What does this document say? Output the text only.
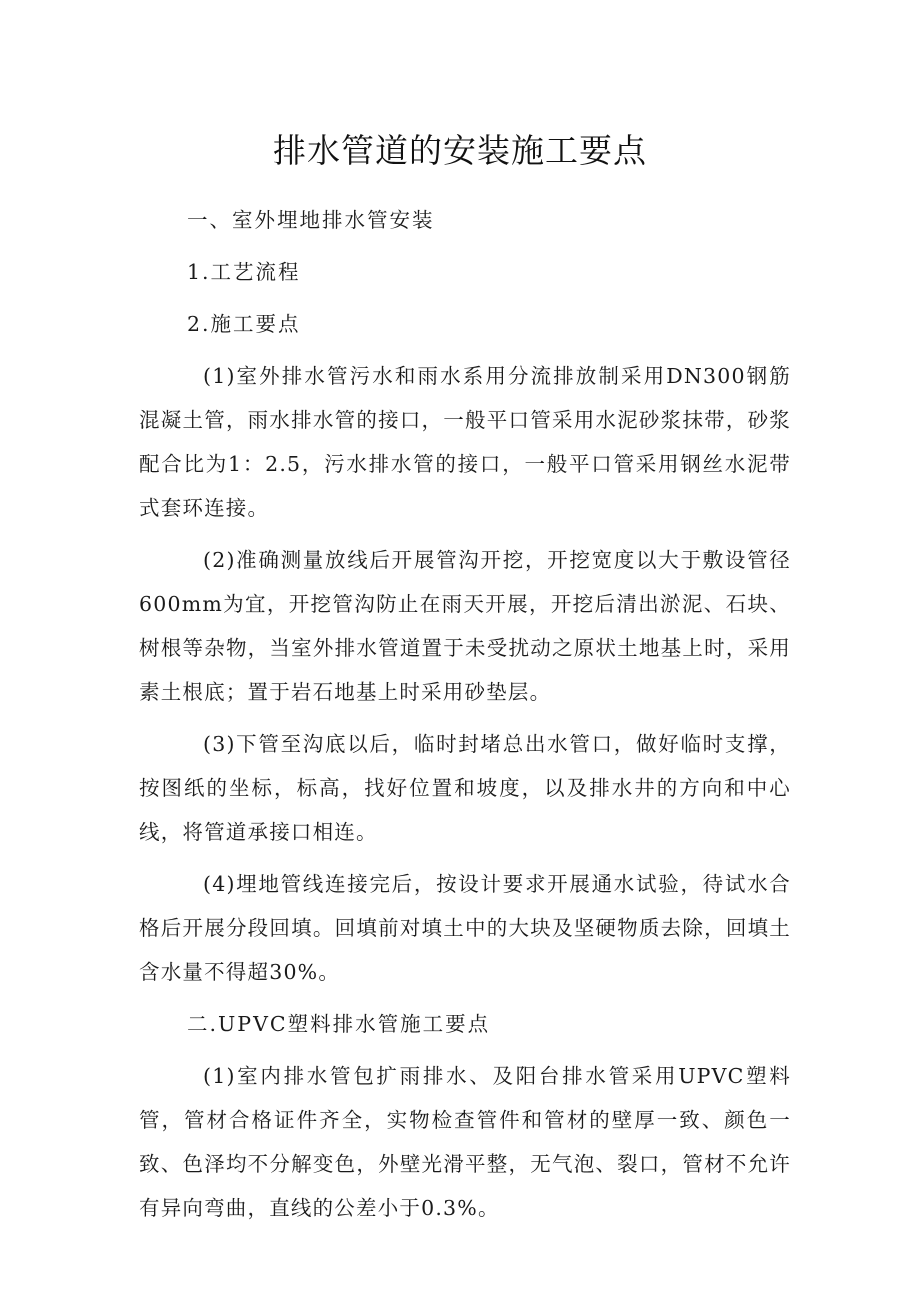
排水管道的安装施工要点

一、室外埋地排水管安装

1.工艺流程

2.施工要点

(1)室外排水管污水和雨水系用分流排放制采用DN300钢筋混凝土管，雨水排水管的接口，一般平口管采用水泥砂浆抹带，砂浆配合比为1：2.5，污水排水管的接口，一般平口管采用钢丝水泥带式套环连接。

(2)准确测量放线后开展管沟开挖，开挖宽度以大于敷设管径600mm为宜，开挖管沟防止在雨天开展，开挖后清出淤泥、石块、树根等杂物，当室外排水管道置于未受扰动之原状土地基上时，采用素土根底；置于岩石地基上时采用砂垫层。

(3)下管至沟底以后，临时封堵总出水管口，做好临时支撑，按图纸的坐标，标高，找好位置和坡度，以及排水井的方向和中心线，将管道承接口相连。

(4)埋地管线连接完后，按设计要求开展通水试验，待试水合格后开展分段回填。回填前对填土中的大块及坚硬物质去除，回填土含水量不得超30%。

二.UPVC塑料排水管施工要点

(1)室内排水管包扩雨排水、及阳台排水管采用UPVC塑料管，管材合格证件齐全，实物检查管件和管材的壁厚一致、颜色一致、色泽均不分解变色，外壁光滑平整，无气泡、裂口，管材不允许有异向弯曲，直线的公差小于0.3%。
